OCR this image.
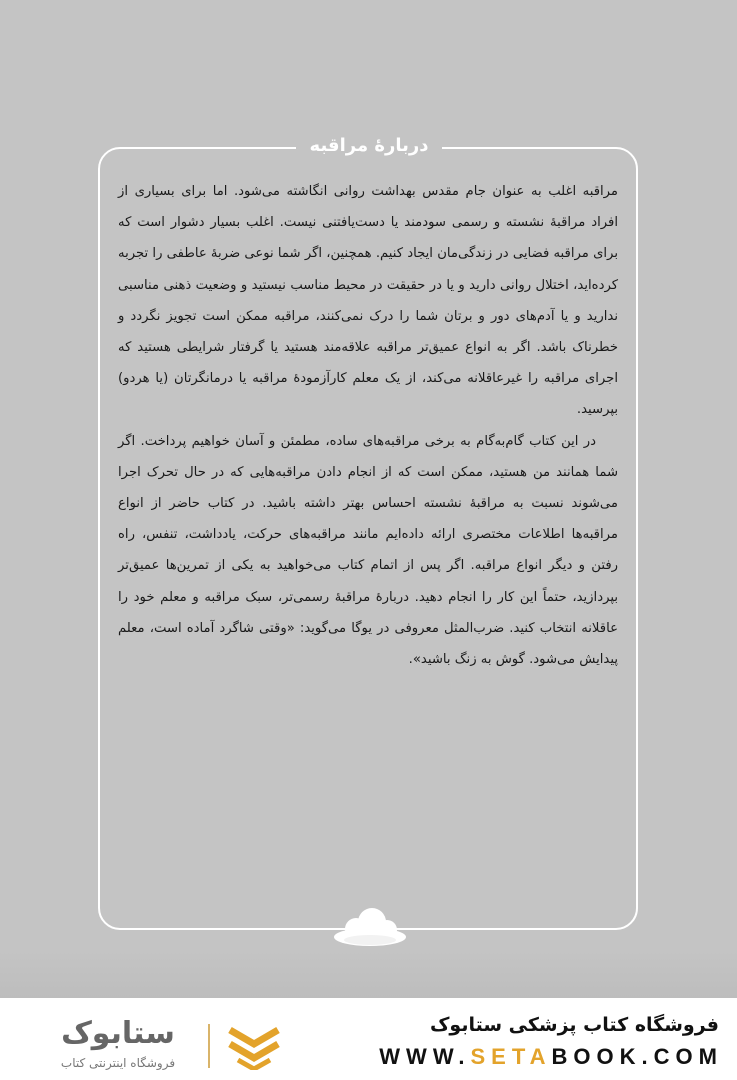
دربارۀ مراقبه

مراقبه اغلب به عنوان جام مقدس بهداشت روانی انگاشته می‌شود. اما برای بسیاری از افراد مراقبهٔ نشسته و رسمی سودمند یا دست‌یافتنی نیست. اغلب بسیار دشوار است که برای مراقبه فضایی در زندگی‌مان ایجاد کنیم. همچنین، اگر شما نوعی ضربهٔ عاطفی را تجربه کرده‌اید، اختلال روانی دارید و یا در حقیقت در محیط مناسب نیستید و وضعیت ذهنی مناسبی ندارید و یا آدم‌های دور و برتان شما را درک نمی‌کنند، مراقبه ممکن است تجویز نگردد و خطرناک باشد. اگر به انواع عمیق‌تر مراقبه علاقه‌مند هستید یا گرفتار شرایطی هستید که اجرای مراقبه را غیرعاقلانه می‌کند، از یک معلم کارآزمودهٔ مراقبه یا درمانگرتان (یا هردو) بپرسید.

در این کتاب گام‌به‌گام به برخی مراقبه‌های ساده، مطمئن و آسان خواهیم پرداخت. اگر شما همانند من هستید، ممکن است که از انجام دادن مراقبه‌هایی که در حال تحرک اجرا می‌شوند نسبت به مراقبهٔ نشسته احساس بهتر داشته باشید. در کتاب حاضر از انواع مراقبه‌ها اطلاعات مختصری ارائه داده‌ایم مانند مراقبه‌های حرکت، یادداشت، تنفس، راه رفتن و دیگر انواع مراقبه. اگر پس از اتمام کتاب می‌خواهید به یکی از تمرین‌ها عمیق‌تر بپردازید، حتماً این کار را انجام دهید. دربارهٔ مراقبهٔ رسمی‌تر، سبک مراقبه و معلم خود را عاقلانه انتخاب کنید. ضرب‌المثل معروفی در یوگا می‌گوید: «وقتی شاگرد آماده است، معلم پیدایش می‌شود. گوش به زنگ باشید».

فروشگاه کتاب پزشکی ستابوک
WWW.SETABOOK.COM
ستابوک
فروشگاه اینترنتی کتاب
